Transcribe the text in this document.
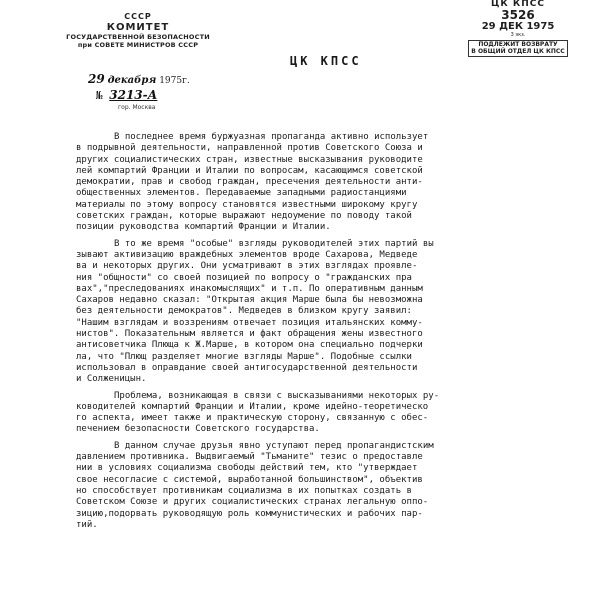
СССР
КОМИТЕТ
ГОСУДАРСТВЕННОЙ БЕЗОПАСНОСТИ
при СОВЕТЕ МИНИСТРОВ СССР
29 декабря 1975г.
№ 3213-А
гор. Москва
ЦК КПСС
ЦК КПСС
3526
29 ДЕК 1975
3 экз.
ПОДЛЕЖИТ ВОЗВРАТУ
В ОБЩИЙ ОТДЕЛ ЦК КПСС
В последнее время буржуазная пропаганда активно использует
в подрывной деятельности, направленной против Советского Союза и
других социалистических стран, известные высказывания руководите
лей компартий Франции и Италии по вопросам, касающимся советской
демократии, прав и свобод граждан, пресечения деятельности анти-
общественных элементов. Передаваемые западными радиостанциями
материалы по этому вопросу становятся известными широкому кругу
советских граждан, которые выражают недоумение по поводу такой
позиции руководства компартий Франции и Италии.
В то же время "особые" взгляды руководителей этих партий вы
зывают активизацию враждебных элементов вроде Сахарова, Медведе
ва и некоторых других. Они усматривают в этих взглядах проявле-
ния "общности" со своей позицией по вопросу о "гражданских пра
вах","преследованиях инакомыслящих" и т.п. По оперативным данным
Сахаров недавно сказал: "Открытая акция Марше была бы невозможна
без деятельности демократов". Медведев в близком кругу заявил:
"Нашим взглядам и воззрениям отвечает позиция итальянских комму-
нистов". Показательным является и факт обращения жены известного
антисоветчика Плюща к Ж.Марше, в котором она специально подчерки
ла, что "Плющ разделяет многие взгляды Марше". Подобные ссылки
использовал в оправдание своей антигосударственной деятельности
и Солженицын.
Проблема, возникающая в связи с высказываниями некоторых ру-
ководителей компартий Франции и Италии, кроме идейно-теоретическо
го аспекта, имеет также и практическую сторону, связанную с обес-
печением безопасности Советского государства.
В данном случае друзья явно уступают перед пропагандистским
давлением противника. Выдвигаемый "Тьманите" тезис о предоставле
нии в условиях социализма свободы действий тем, кто "утверждает
свое несогласие с системой, выработанной большинством", объектив
но способствует противникам социализма в их попытках создать в
Советском Союзе и других социалистических странах легальную оппо-
зицию,подорвать руководящую роль коммунистических и рабочих пар-
тий.
